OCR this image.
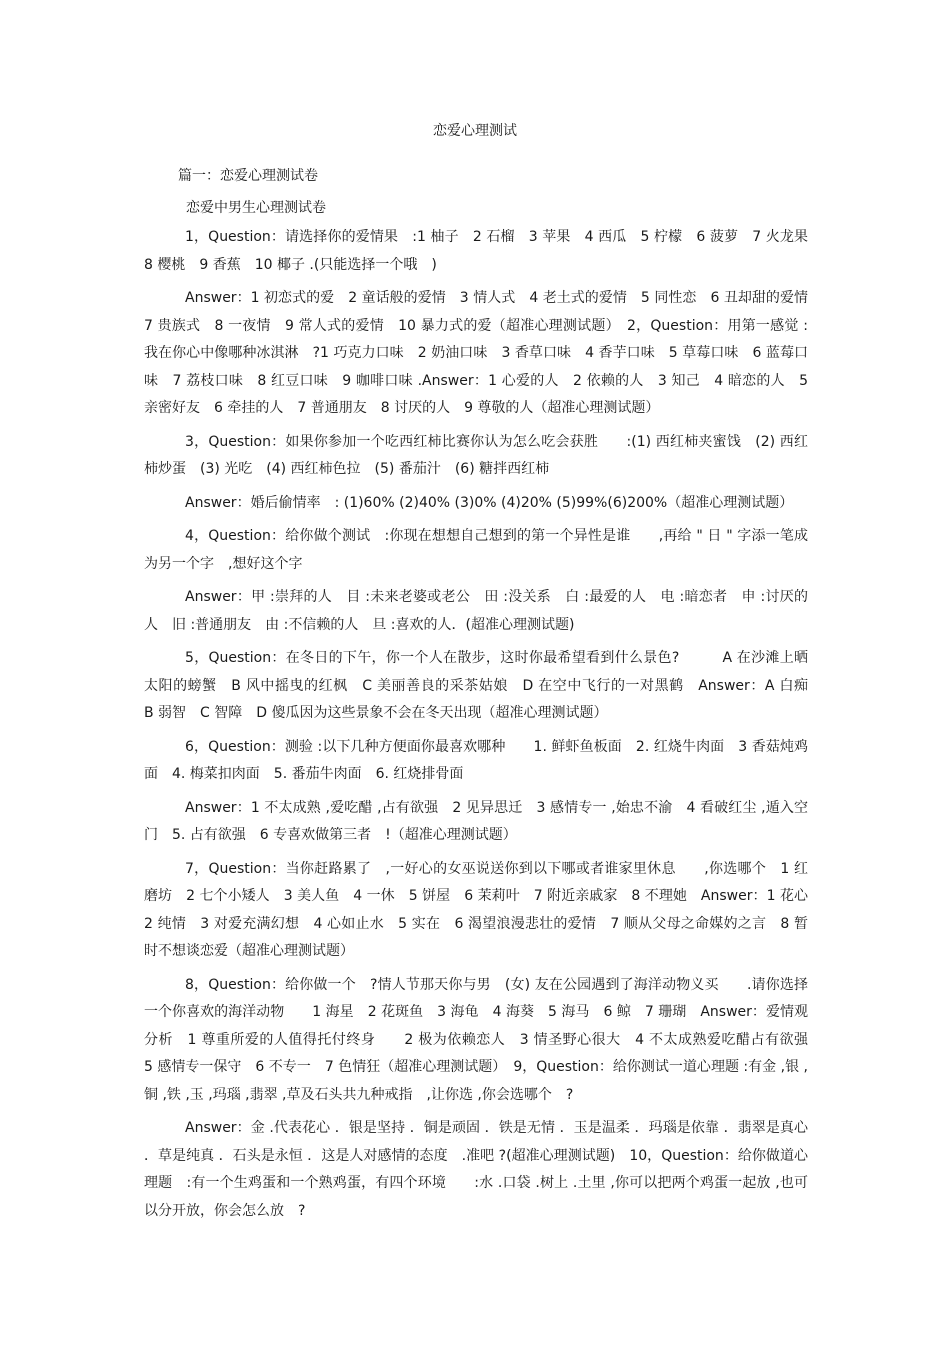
恋爱心理测试
篇一：恋爱心理测试卷
恋爱中男生心理测试卷

1，Question：请选择你的爱情果　:1 柚子　2 石榴　3 苹果　4 西瓜　5 柠檬　6 菠萝　7 火龙果　8 樱桃　9 香蕉　10 椰子 .(只能选择一个哦　)

Answer：1 初恋式的爱　2 童话般的爱情　3 情人式　4 老土式的爱情　5 同性恋　6 丑却甜的爱情　7 贵族式　8 一夜情　9 常人式的爱情　10 暴力式的爱（超准心理测试题）　2，Question：用第一感觉 :我在你心中像哪种冰淇淋　?1 巧克力口味　2 奶油口味　3 香草口味　4 香芋口味　5 草莓口味　6 蓝莓口味　7 荔枝口味　8 红豆口味　9 咖啡口味 .Answer：1 心爱的人　2 依赖的人　3 知己　4 暗恋的人　5 亲密好友　6 牵挂的人　7 普通朋友　8 讨厌的人　9 尊敬的人（超准心理测试题）

3，Question：如果你参加一个吃西红柿比赛你认为怎么吃会获胜　　:(1) 西红柿夹蜜饯　(2) 西红柿炒蛋　(3) 光吃　(4) 西红柿色拉　(5) 番茄汁　(6) 糖拌西红柿

Answer：婚后偷情率　: (1)60% (2)40% (3)0% (4)20% (5)99%(6)200%（超准心理测试题）

4，Question：给你做个测试　:你现在想想自己想到的第一个异性是谁　　,再给 " 日 " 字添一笔成为另一个字　,想好这个字

Answer：甲 :崇拜的人　目 :未来老婆或老公　田 :没关系　白 :最爱的人　电 :暗恋者　申 :讨厌的人　旧 :普通朋友　由 :不信赖的人　旦 :喜欢的人．(超准心理测试题)

5，Question：在冬日的下午，你一个人在散步，这时你最希望看到什么景色?　　　A 在沙滩上晒太阳的螃蟹　B 风中摇曳的红枫　C 美丽善良的采茶姑娘　D 在空中飞行的一对黑鹤　Answer：A 白痴　B 弱智　C 智障　D 傻瓜因为这些景象不会在冬天出现（超准心理测试题）

6，Question：测验 :以下几种方便面你最喜欢哪种　　1. 鲜虾鱼板面　2. 红烧牛肉面　3 香菇炖鸡面　4. 梅菜扣肉面　5. 番茄牛肉面　6. 红烧排骨面

Answer：1 不太成熟 ,爱吃醋 ,占有欲强　2 见异思迁　3 感情专一 ,始忠不渝　4 看破红尘 ,遁入空门　5. 占有欲强　6 专喜欢做第三者　!（超准心理测试题）

7，Question：当你赶路累了　,一好心的女巫说送你到以下哪或者谁家里休息　　,你选哪个　1 红磨坊　2 七个小矮人　3 美人鱼　4 一休　5 饼屋　6 茉莉叶　7 附近亲戚家　8 不理她　Answer：1 花心　2 纯情　3 对爱充满幻想　4 心如止水　5 实在　6 渴望浪漫悲壮的爱情　7 顺从父母之命媒妁之言　8 暂时不想谈恋爱（超准心理测试题）

8，Question：给你做一个　?情人节那天你与男　(女) 友在公园遇到了海洋动物义买　　.请你选择一个你喜欢的海洋动物　　1 海星　2 花斑鱼　3 海龟　4 海葵　5 海马　6 鲸　7 珊瑚　Answer：爱情观分析　1 尊重所爱的人值得托付终身　　2 极为依赖恋人　3 情圣野心很大　4 不太成熟爱吃醋占有欲强　5 感情专一保守　6 不专一　7 色情狂（超准心理测试题）　9，Question：给你测试一道心理题 :有金 ,银 ,铜 ,铁 ,玉 ,玛瑙 ,翡翠 ,草及石头共九种戒指　,让你选 ,你会选哪个　?

Answer：金 .代表花心 ．银是坚持 ．铜是顽固 ．铁是无情 ．玉是温柔 ．玛瑙是依靠 ．翡翠是真心 ．草是纯真 ．石头是永恒 ．这是人对感情的态度　.准吧 ?(超准心理测试题)　10，Question：给你做道心理题　:有一个生鸡蛋和一个熟鸡蛋，有四个环境　　:水 .口袋 .树上 .土里 ,你可以把两个鸡蛋一起放 ,也可以分开放，你会怎么放　?
